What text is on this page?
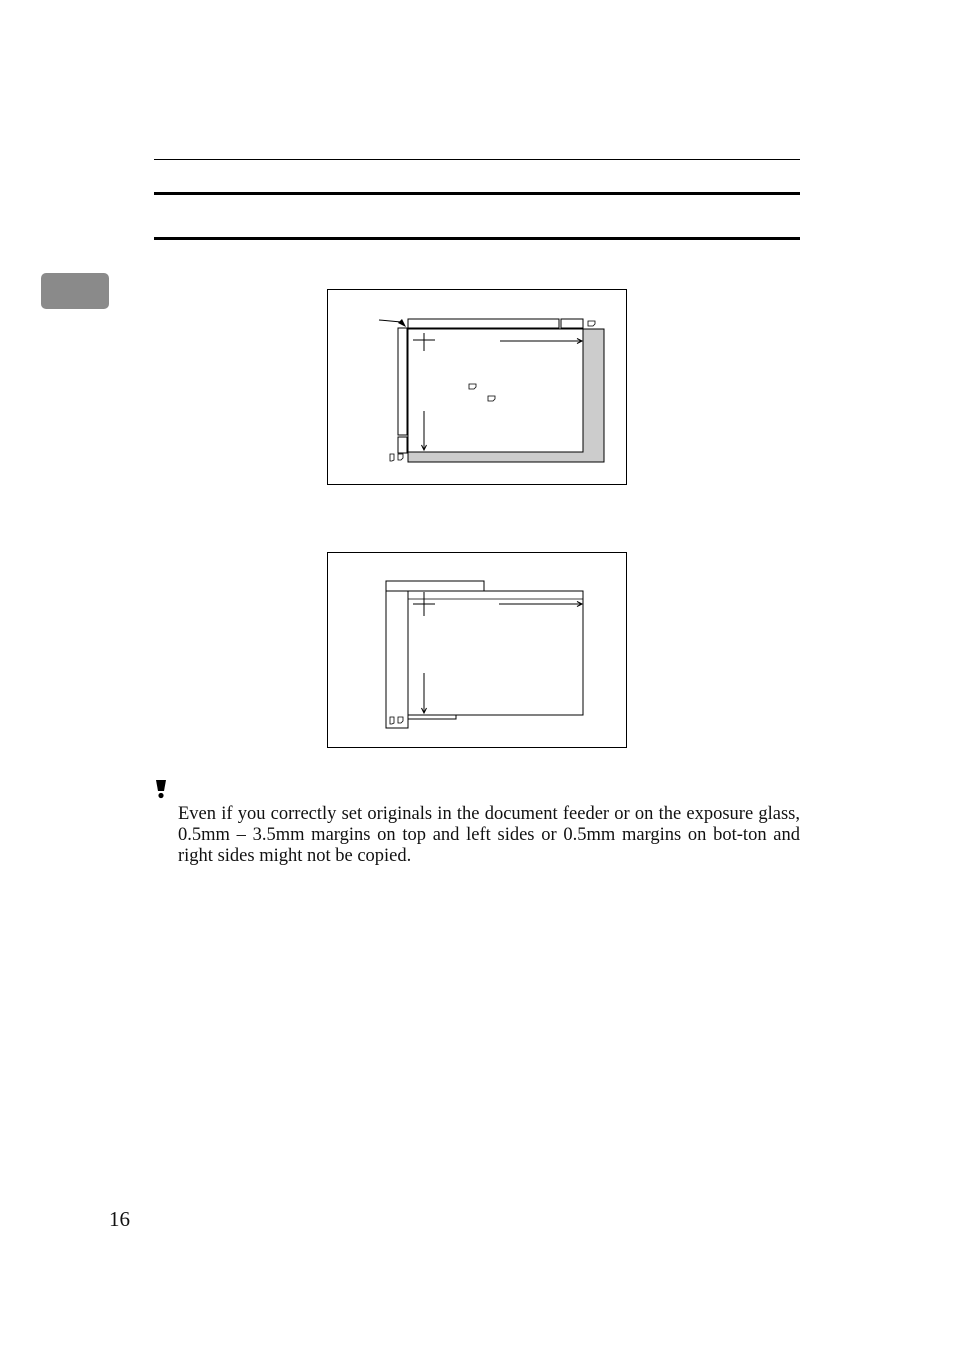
Even if you correctly set originals in the document feeder or on the exposure glass, 0.5mm – 3.5mm margins on top and left sides or 0.5mm margins on bot-ton and right sides might not be copied.

16
